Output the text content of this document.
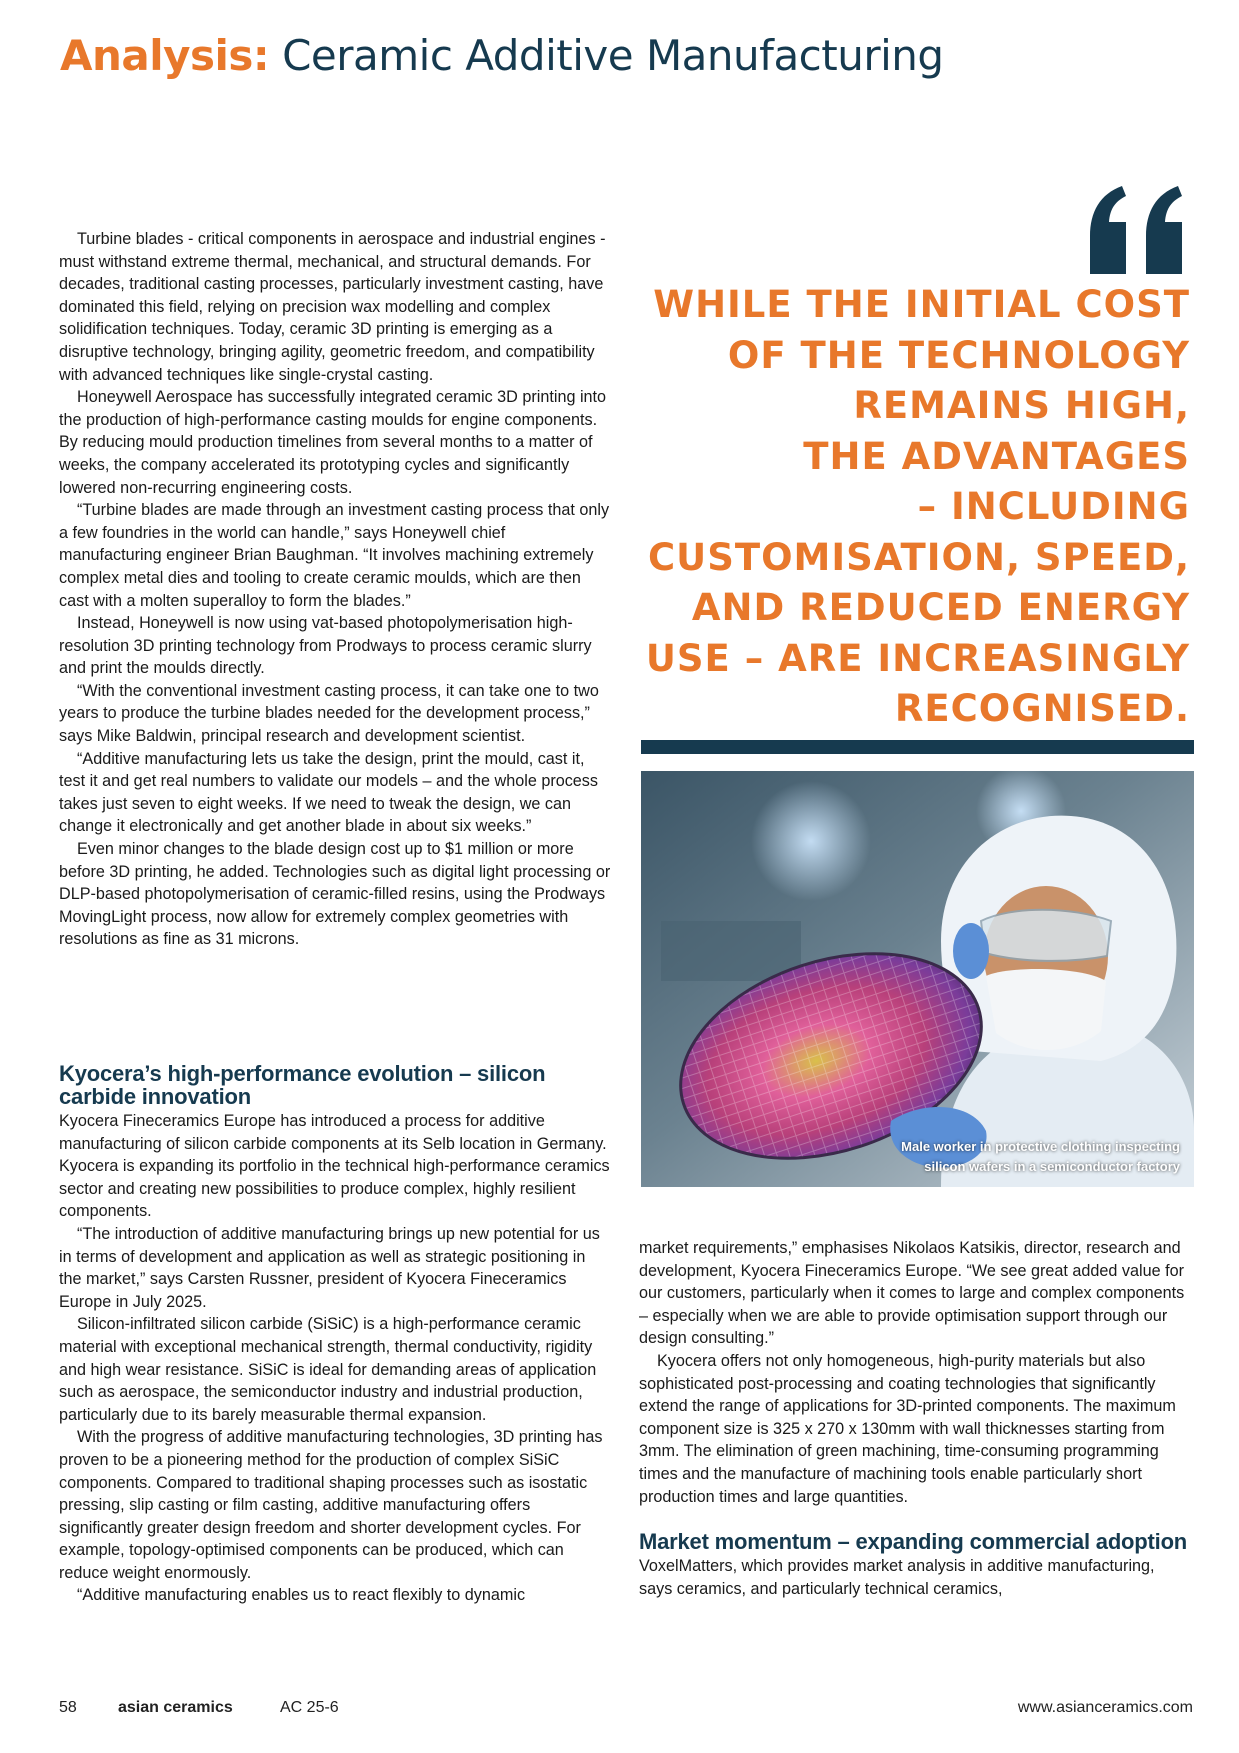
Analysis: Ceramic Additive Manufacturing

Turbine blades - critical components in aerospace and industrial engines - must withstand extreme thermal, mechanical, and structural demands. For decades, traditional casting processes, particularly investment casting, have dominated this field, relying on precision wax modelling and complex solidification techniques. Today, ceramic 3D printing is emerging as a disruptive technology, bringing agility, geometric freedom, and compatibility with advanced techniques like single-crystal casting.

Honeywell Aerospace has successfully integrated ceramic 3D printing into the production of high-performance casting moulds for engine components. By reducing mould production timelines from several months to a matter of weeks, the company accelerated its prototyping cycles and significantly lowered non-recurring engineering costs.

“Turbine blades are made through an investment casting process that only a few foundries in the world can handle,” says Honeywell chief manufacturing engineer Brian Baughman. “It involves machining extremely complex metal dies and tooling to create ceramic moulds, which are then cast with a molten superalloy to form the blades.”

Instead, Honeywell is now using vat-based photopolymerisation high-resolution 3D printing technology from Prodways to process ceramic slurry and print the moulds directly.

“With the conventional investment casting process, it can take one to two years to produce the turbine blades needed for the development process,” says Mike Baldwin, principal research and development scientist.

“Additive manufacturing lets us take the design, print the mould, cast it, test it and get real numbers to validate our models – and the whole process takes just seven to eight weeks. If we need to tweak the design, we can change it electronically and get another blade in about six weeks.”

Even minor changes to the blade design cost up to $1 million or more before 3D printing, he added. Technologies such as digital light processing or DLP-based photopolymerisation of ceramic-filled resins, using the Prodways MovingLight process, now allow for extremely complex geometries with resolutions as fine as 31 microns.

Kyocera’s high-performance evolution – silicon carbide innovation

Kyocera Fineceramics Europe has introduced a process for additive manufacturing of silicon carbide components at its Selb location in Germany. Kyocera is expanding its portfolio in the technical high-performance ceramics sector and creating new possibilities to produce complex, highly resilient components.

“The introduction of additive manufacturing brings up new potential for us in terms of development and application as well as strategic positioning in the market,” says Carsten Russner, president of Kyocera Fineceramics Europe in July 2025.

Silicon-infiltrated silicon carbide (SiSiC) is a high-performance ceramic material with exceptional mechanical strength, thermal conductivity, rigidity and high wear resistance. SiSiC is ideal for demanding areas of application such as aerospace, the semiconductor industry and industrial production, particularly due to its barely measurable thermal expansion.

With the progress of additive manufacturing technologies, 3D printing has proven to be a pioneering method for the production of complex SiSiC components. Compared to traditional shaping processes such as isostatic pressing, slip casting or film casting, additive manufacturing offers significantly greater design freedom and shorter development cycles. For example, topology-optimised components can be produced, which can reduce weight enormously.

“Additive manufacturing enables us to react flexibly to dynamic

WHILE THE INITIAL COST
OF THE TECHNOLOGY
REMAINS HIGH,
THE ADVANTAGES
– INCLUDING
CUSTOMISATION, SPEED,
AND REDUCED ENERGY
USE – ARE INCREASINGLY
RECOGNISED.
Male worker in protective clothing inspecting
silicon wafers in a semiconductor factory

market requirements,” emphasises Nikolaos Katsikis, director, research and development, Kyocera Fineceramics Europe. “We see great added value for our customers, particularly when it comes to large and complex components – especially when we are able to provide optimisation support through our design consulting.”

Kyocera offers not only homogeneous, high-purity materials but also sophisticated post-processing and coating technologies that significantly extend the range of applications for 3D-printed components. The maximum component size is 325 x 270 x 130mm with wall thicknesses starting from 3mm. The elimination of green machining, time-consuming programming times and the manufacture of machining tools enable particularly short production times and large quantities.

Market momentum – expanding commercial adoption

VoxelMatters, which provides market analysis in additive manufacturing, says ceramics, and particularly technical ceramics,

58	asian ceramics	AC 25-6	www.asianceramics.com
